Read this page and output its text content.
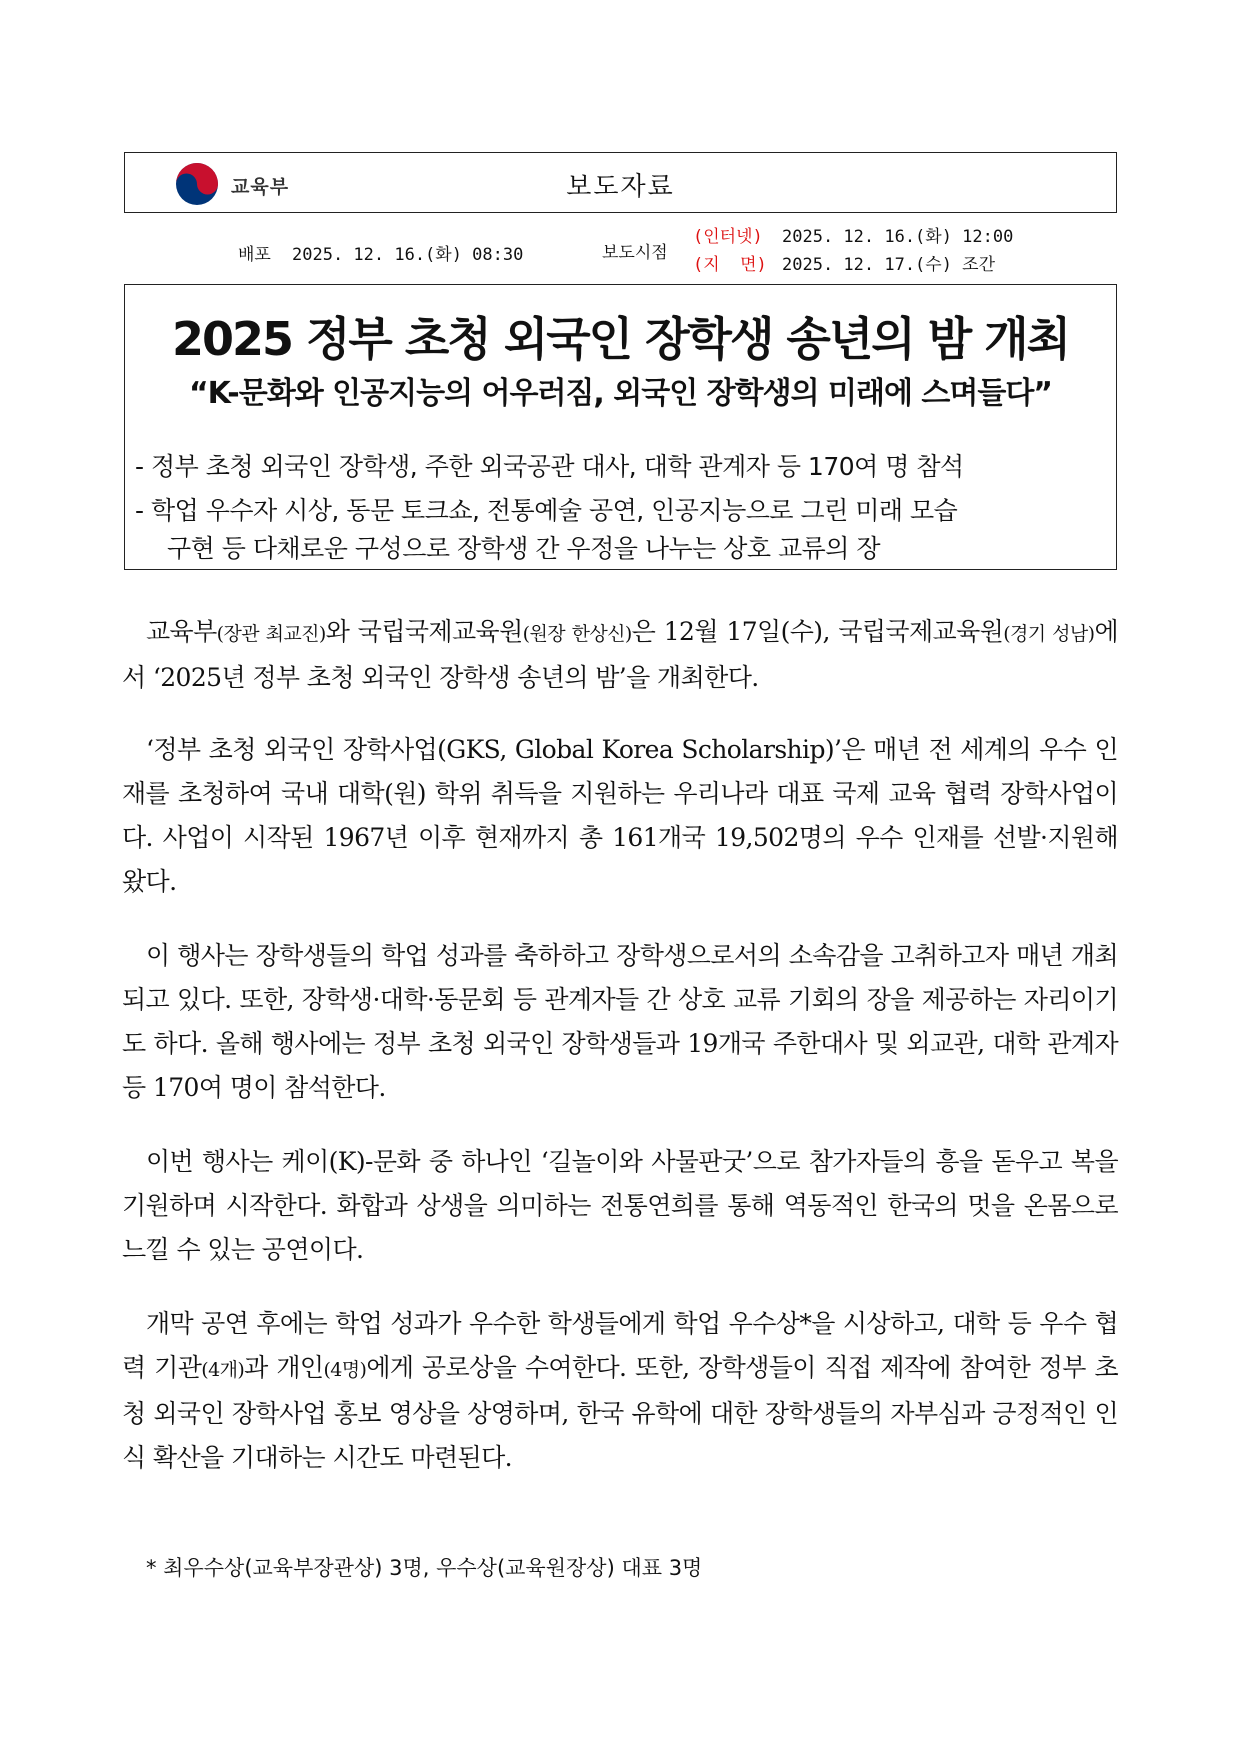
교육부	보도자료
배포 2025. 12. 16.(화) 08:30	보도시점
(인터넷) 2025. 12. 16.(화) 12:00
(지  면) 2025. 12. 17.(수) 조간
2025 정부 초청 외국인 장학생 송년의 밤 개최
“K-문화와 인공지능의 어우러짐, 외국인 장학생의 미래에 스며들다”
- 정부 초청 외국인 장학생, 주한 외국공관 대사, 대학 관계자 등 170여 명 참석
- 학업 우수자 시상, 동문 토크쇼, 전통예술 공연, 인공지능으로 그린 미래 모습
구현 등 다채로운 구성으로 장학생 간 우정을 나누는 상호 교류의 장
교육부(장관 최교진)와 국립국제교육원(원장 한상신)은 12월 17일(수), 국립국제교육원(경기 성남)에서 ‘2025년 정부 초청 외국인 장학생 송년의 밤’을 개최한다.
‘정부 초청 외국인 장학사업(GKS, Global Korea Scholarship)’은 매년 전 세계의 우수 인재를 초청하여 국내 대학(원) 학위 취득을 지원하는 우리나라 대표 국제 교육 협력 장학사업이다. 사업이 시작된 1967년 이후 현재까지 총 161개국 19,502명의 우수 인재를 선발·지원해 왔다.
이 행사는 장학생들의 학업 성과를 축하하고 장학생으로서의 소속감을 고취하고자 매년 개최되고 있다. 또한, 장학생·대학·동문회 등 관계자들 간 상호 교류 기회의 장을 제공하는 자리이기도 하다. 올해 행사에는 정부 초청 외국인 장학생들과 19개국 주한대사 및 외교관, 대학 관계자 등 170여 명이 참석한다.
이번 행사는 케이(K)-문화 중 하나인 ‘길놀이와 사물판굿’으로 참가자들의 흥을 돋우고 복을 기원하며 시작한다. 화합과 상생을 의미하는 전통연희를 통해 역동적인 한국의 멋을 온몸으로 느낄 수 있는 공연이다.
개막 공연 후에는 학업 성과가 우수한 학생들에게 학업 우수상*을 시상하고, 대학 등 우수 협력 기관(4개)과 개인(4명)에게 공로상을 수여한다. 또한, 장학생들이 직접 제작에 참여한 정부 초청 외국인 장학사업 홍보 영상을 상영하며, 한국 유학에 대한 장학생들의 자부심과 긍정적인 인식 확산을 기대하는 시간도 마련된다.
* 최우수상(교육부장관상) 3명, 우수상(교육원장상) 대표 3명
